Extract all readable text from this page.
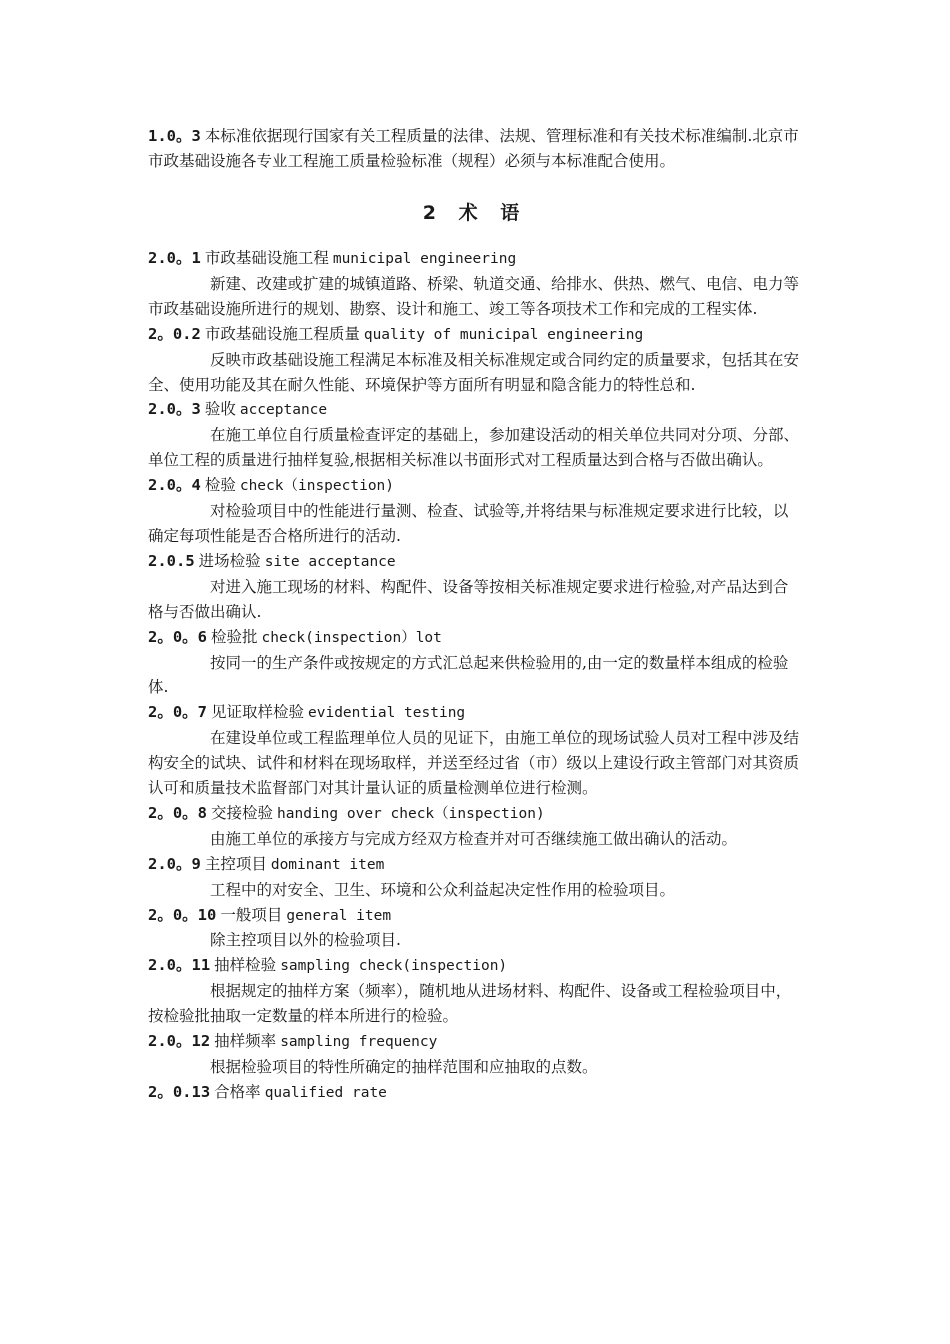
1.0。3 本标准依据现行国家有关工程质量的法律、法规、管理标准和有关技术标准编制.北京市市政基础设施各专业工程施工质量检验标准（规程）必须与本标准配合使用。
2 术 语

2.0。1 市政基础设施工程 municipal engineering

新建、改建或扩建的城镇道路、桥梁、轨道交通、给排水、供热、燃气、电信、电力等市政基础设施所进行的规划、勘察、设计和施工、竣工等各项技术工作和完成的工程实体.

2。0.2 市政基础设施工程质量 quality of municipal engineering

反映市政基础设施工程满足本标准及相关标准规定或合同约定的质量要求，包括其在安全、使用功能及其在耐久性能、环境保护等方面所有明显和隐含能力的特性总和.

2.0。3 验收 acceptance

在施工单位自行质量检查评定的基础上，参加建设活动的相关单位共同对分项、分部、单位工程的质量进行抽样复验,根据相关标准以书面形式对工程质量达到合格与否做出确认。

2.0。4 检验 check（inspection)

对检验项目中的性能进行量测、检查、试验等,并将结果与标准规定要求进行比较，以确定每项性能是否合格所进行的活动.

2.0.5 进场检验 site acceptance

对进入施工现场的材料、构配件、设备等按相关标准规定要求进行检验,对产品达到合格与否做出确认.

2。0。6 检验批 check(inspection）lot

按同一的生产条件或按规定的方式汇总起来供检验用的,由一定的数量样本组成的检验体.

2。0。7 见证取样检验 evidential testing

在建设单位或工程监理单位人员的见证下，由施工单位的现场试验人员对工程中涉及结构安全的试块、试件和材料在现场取样，并送至经过省（市）级以上建设行政主管部门对其资质认可和质量技术监督部门对其计量认证的质量检测单位进行检测。

2。0。8 交接检验 handing over check（inspection)

由施工单位的承接方与完成方经双方检查并对可否继续施工做出确认的活动。

2.0。9 主控项目 dominant item

工程中的对安全、卫生、环境和公众利益起决定性作用的检验项目。

2。0。10 一般项目 general item

除主控项目以外的检验项目.

2.0。11 抽样检验 sampling check(inspection)

根据规定的抽样方案（频率），随机地从进场材料、构配件、设备或工程检验项目中，按检验批抽取一定数量的样本所进行的检验。

2.0。12 抽样频率 sampling frequency

根据检验项目的特性所确定的抽样范围和应抽取的点数。

2。0.13 合格率 qualified rate
